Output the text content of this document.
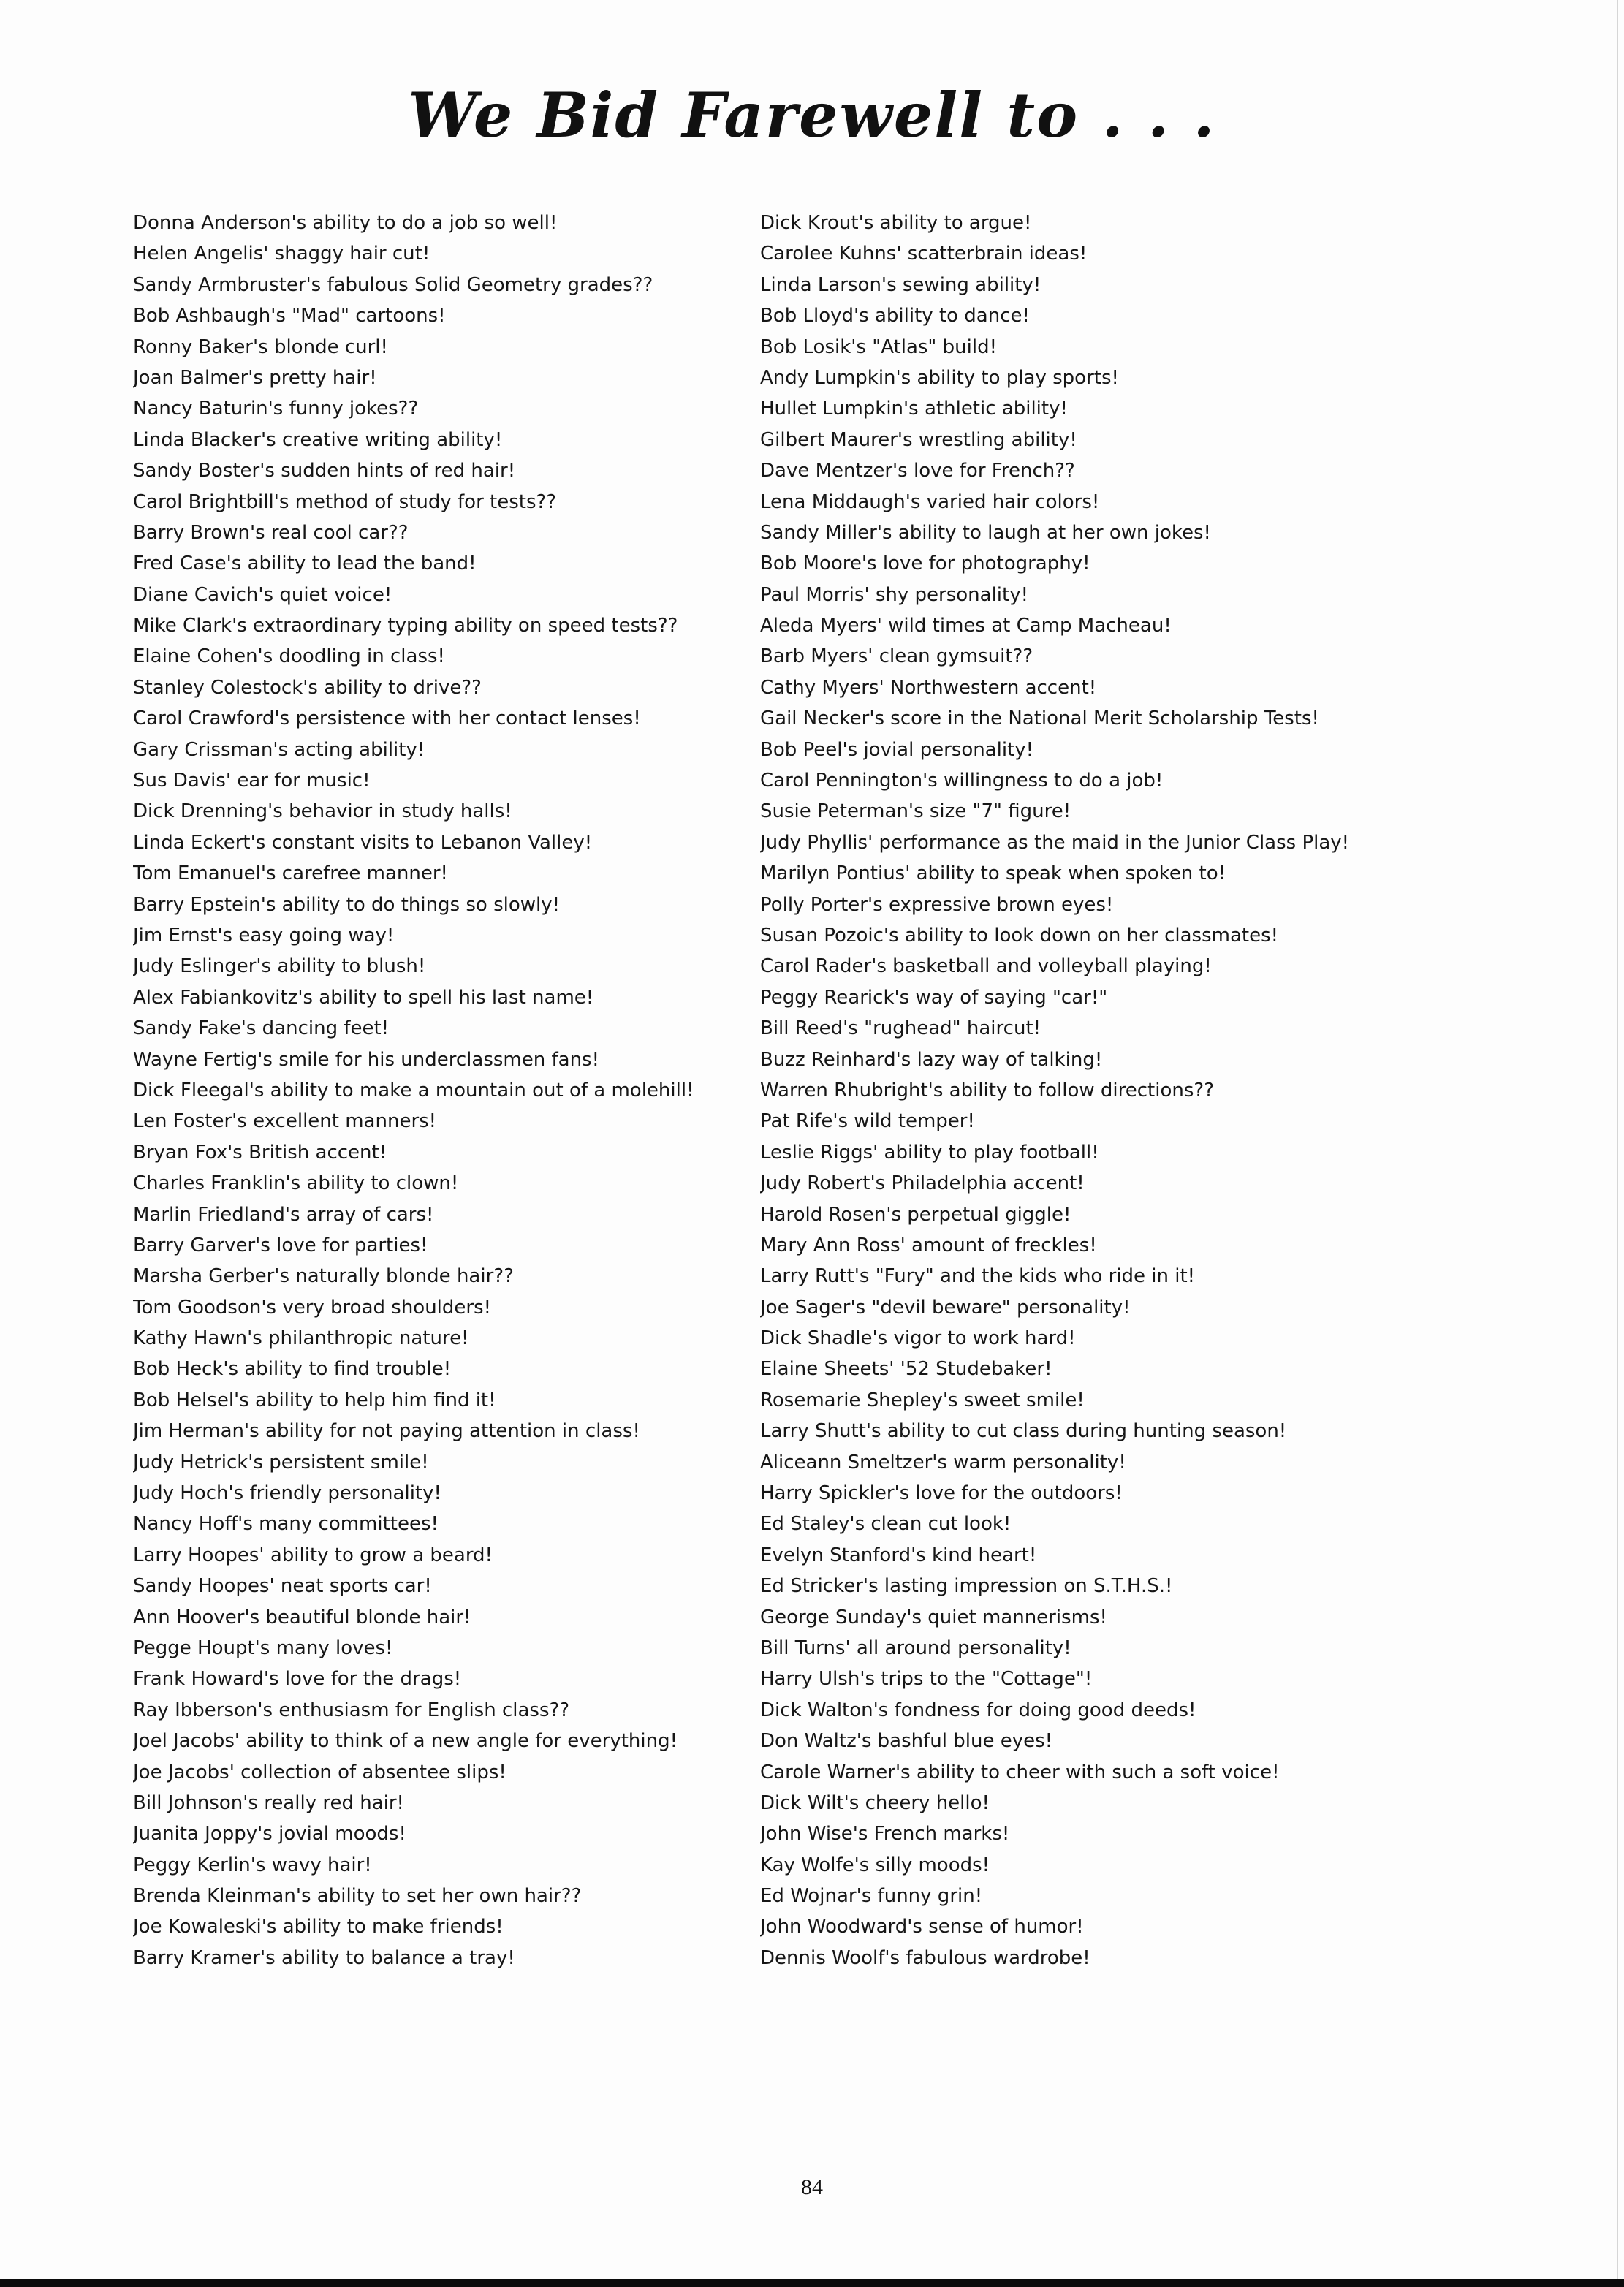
We Bid Farewell to . . .
Donna Anderson's ability to do a job so well!
Helen Angelis' shaggy hair cut!
Sandy Armbruster's fabulous Solid Geometry grades??
Bob Ashbaugh's "Mad" cartoons!
Ronny Baker's blonde curl!
Joan Balmer's pretty hair!
Nancy Baturin's funny jokes??
Linda Blacker's creative writing ability!
Sandy Boster's sudden hints of red hair!
Carol Brightbill's method of study for tests??
Barry Brown's real cool car??
Fred Case's ability to lead the band!
Diane Cavich's quiet voice!
Mike Clark's extraordinary typing ability on speed tests??
Elaine Cohen's doodling in class!
Stanley Colestock's ability to drive??
Carol Crawford's persistence with her contact lenses!
Gary Crissman's acting ability!
Sus Davis' ear for music!
Dick Drenning's behavior in study halls!
Linda Eckert's constant visits to Lebanon Valley!
Tom Emanuel's carefree manner!
Barry Epstein's ability to do things so slowly!
Jim Ernst's easy going way!
Judy Eslinger's ability to blush!
Alex Fabiankovitz's ability to spell his last name!
Sandy Fake's dancing feet!
Wayne Fertig's smile for his underclassmen fans!
Dick Fleegal's ability to make a mountain out of a molehill!
Len Foster's excellent manners!
Bryan Fox's British accent!
Charles Franklin's ability to clown!
Marlin Friedland's array of cars!
Barry Garver's love for parties!
Marsha Gerber's naturally blonde hair??
Tom Goodson's very broad shoulders!
Kathy Hawn's philanthropic nature!
Bob Heck's ability to find trouble!
Bob Helsel's ability to help him find it!
Jim Herman's ability for not paying attention in class!
Judy Hetrick's persistent smile!
Judy Hoch's friendly personality!
Nancy Hoff's many committees!
Larry Hoopes' ability to grow a beard!
Sandy Hoopes' neat sports car!
Ann Hoover's beautiful blonde hair!
Pegge Houpt's many loves!
Frank Howard's love for the drags!
Ray Ibberson's enthusiasm for English class??
Joel Jacobs' ability to think of a new angle for everything!
Joe Jacobs' collection of absentee slips!
Bill Johnson's really red hair!
Juanita Joppy's jovial moods!
Peggy Kerlin's wavy hair!
Brenda Kleinman's ability to set her own hair??
Joe Kowaleski's ability to make friends!
Barry Kramer's ability to balance a tray!
Dick Krout's ability to argue!
Carolee Kuhns' scatterbrain ideas!
Linda Larson's sewing ability!
Bob Lloyd's ability to dance!
Bob Losik's "Atlas" build!
Andy Lumpkin's ability to play sports!
Hullet Lumpkin's athletic ability!
Gilbert Maurer's wrestling ability!
Dave Mentzer's love for French??
Lena Middaugh's varied hair colors!
Sandy Miller's ability to laugh at her own jokes!
Bob Moore's love for photography!
Paul Morris' shy personality!
Aleda Myers' wild times at Camp Macheau!
Barb Myers' clean gymsuit??
Cathy Myers' Northwestern accent!
Gail Necker's score in the National Merit Scholarship Tests!
Bob Peel's jovial personality!
Carol Pennington's willingness to do a job!
Susie Peterman's size "7" figure!
Judy Phyllis' performance as the maid in the Junior Class Play!
Marilyn Pontius' ability to speak when spoken to!
Polly Porter's expressive brown eyes!
Susan Pozoic's ability to look down on her classmates!
Carol Rader's basketball and volleyball playing!
Peggy Rearick's way of saying "car!"
Bill Reed's "rughead" haircut!
Buzz Reinhard's lazy way of talking!
Warren Rhubright's ability to follow directions??
Pat Rife's wild temper!
Leslie Riggs' ability to play football!
Judy Robert's Philadelphia accent!
Harold Rosen's perpetual giggle!
Mary Ann Ross' amount of freckles!
Larry Rutt's "Fury" and the kids who ride in it!
Joe Sager's "devil beware" personality!
Dick Shadle's vigor to work hard!
Elaine Sheets' '52 Studebaker!
Rosemarie Shepley's sweet smile!
Larry Shutt's ability to cut class during hunting season!
Aliceann Smeltzer's warm personality!
Harry Spickler's love for the outdoors!
Ed Staley's clean cut look!
Evelyn Stanford's kind heart!
Ed Stricker's lasting impression on S.T.H.S.!
George Sunday's quiet mannerisms!
Bill Turns' all around personality!
Harry Ulsh's trips to the "Cottage"!
Dick Walton's fondness for doing good deeds!
Don Waltz's bashful blue eyes!
Carole Warner's ability to cheer with such a soft voice!
Dick Wilt's cheery hello!
John Wise's French marks!
Kay Wolfe's silly moods!
Ed Wojnar's funny grin!
John Woodward's sense of humor!
Dennis Woolf's fabulous wardrobe!
84
